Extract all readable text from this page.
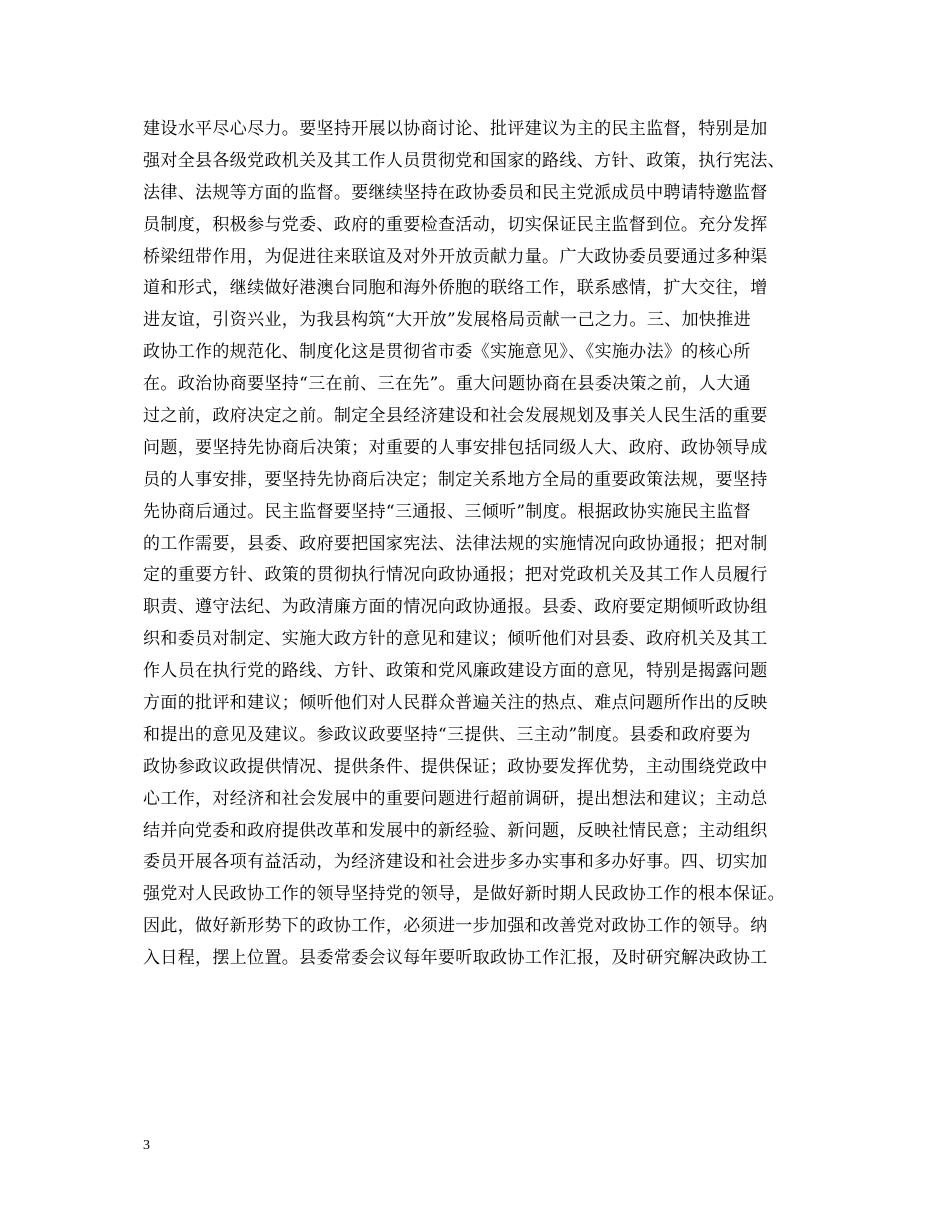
建设水平尽心尽力。要坚持开展以协商讨论、批评建议为主的民主监督，特别是加
强对全县各级党政机关及其工作人员贯彻党和国家的路线、方针、政策，执行宪法、
法律、法规等方面的监督。要继续坚持在政协委员和民主党派成员中聘请特邀监督
员制度，积极参与党委、政府的重要检查活动，切实保证民主监督到位。充分发挥
桥梁纽带作用，为促进往来联谊及对外开放贡献力量。广大政协委员要通过多种渠
道和形式，继续做好港澳台同胞和海外侨胞的联络工作，联系感情，扩大交往，增
进友谊，引资兴业，为我县构筑“大开放”发展格局贡献一己之力。三、加快推进
政协工作的规范化、制度化这是贯彻省市委《实施意见》、《实施办法》的核心所
在。政治协商要坚持“三在前、三在先”。重大问题协商在县委决策之前，人大通
过之前，政府决定之前。制定全县经济建设和社会发展规划及事关人民生活的重要
问题，要坚持先协商后决策；对重要的人事安排包括同级人大、政府、政协领导成
员的人事安排，要坚持先协商后决定；制定关系地方全局的重要政策法规，要坚持
先协商后通过。民主监督要坚持“三通报、三倾听”制度。根据政协实施民主监督
的工作需要，县委、政府要把国家宪法、法律法规的实施情况向政协通报；把对制
定的重要方针、政策的贯彻执行情况向政协通报；把对党政机关及其工作人员履行
职责、遵守法纪、为政清廉方面的情况向政协通报。县委、政府要定期倾听政协组
织和委员对制定、实施大政方针的意见和建议；倾听他们对县委、政府机关及其工
作人员在执行党的路线、方针、政策和党风廉政建设方面的意见，特别是揭露问题
方面的批评和建议；倾听他们对人民群众普遍关注的热点、难点问题所作出的反映
和提出的意见及建议。参政议政要坚持“三提供、三主动”制度。县委和政府要为
政协参政议政提供情况、提供条件、提供保证；政协要发挥优势，主动围绕党政中
心工作，对经济和社会发展中的重要问题进行超前调研，提出想法和建议；主动总
结并向党委和政府提供改革和发展中的新经验、新问题，反映社情民意；主动组织
委员开展各项有益活动，为经济建设和社会进步多办实事和多办好事。四、切实加
强党对人民政协工作的领导坚持党的领导，是做好新时期人民政协工作的根本保证。
因此，做好新形势下的政协工作，必须进一步加强和改善党对政协工作的领导。纳
入日程，摆上位置。县委常委会议每年要听取政协工作汇报，及时研究解决政协工
3
